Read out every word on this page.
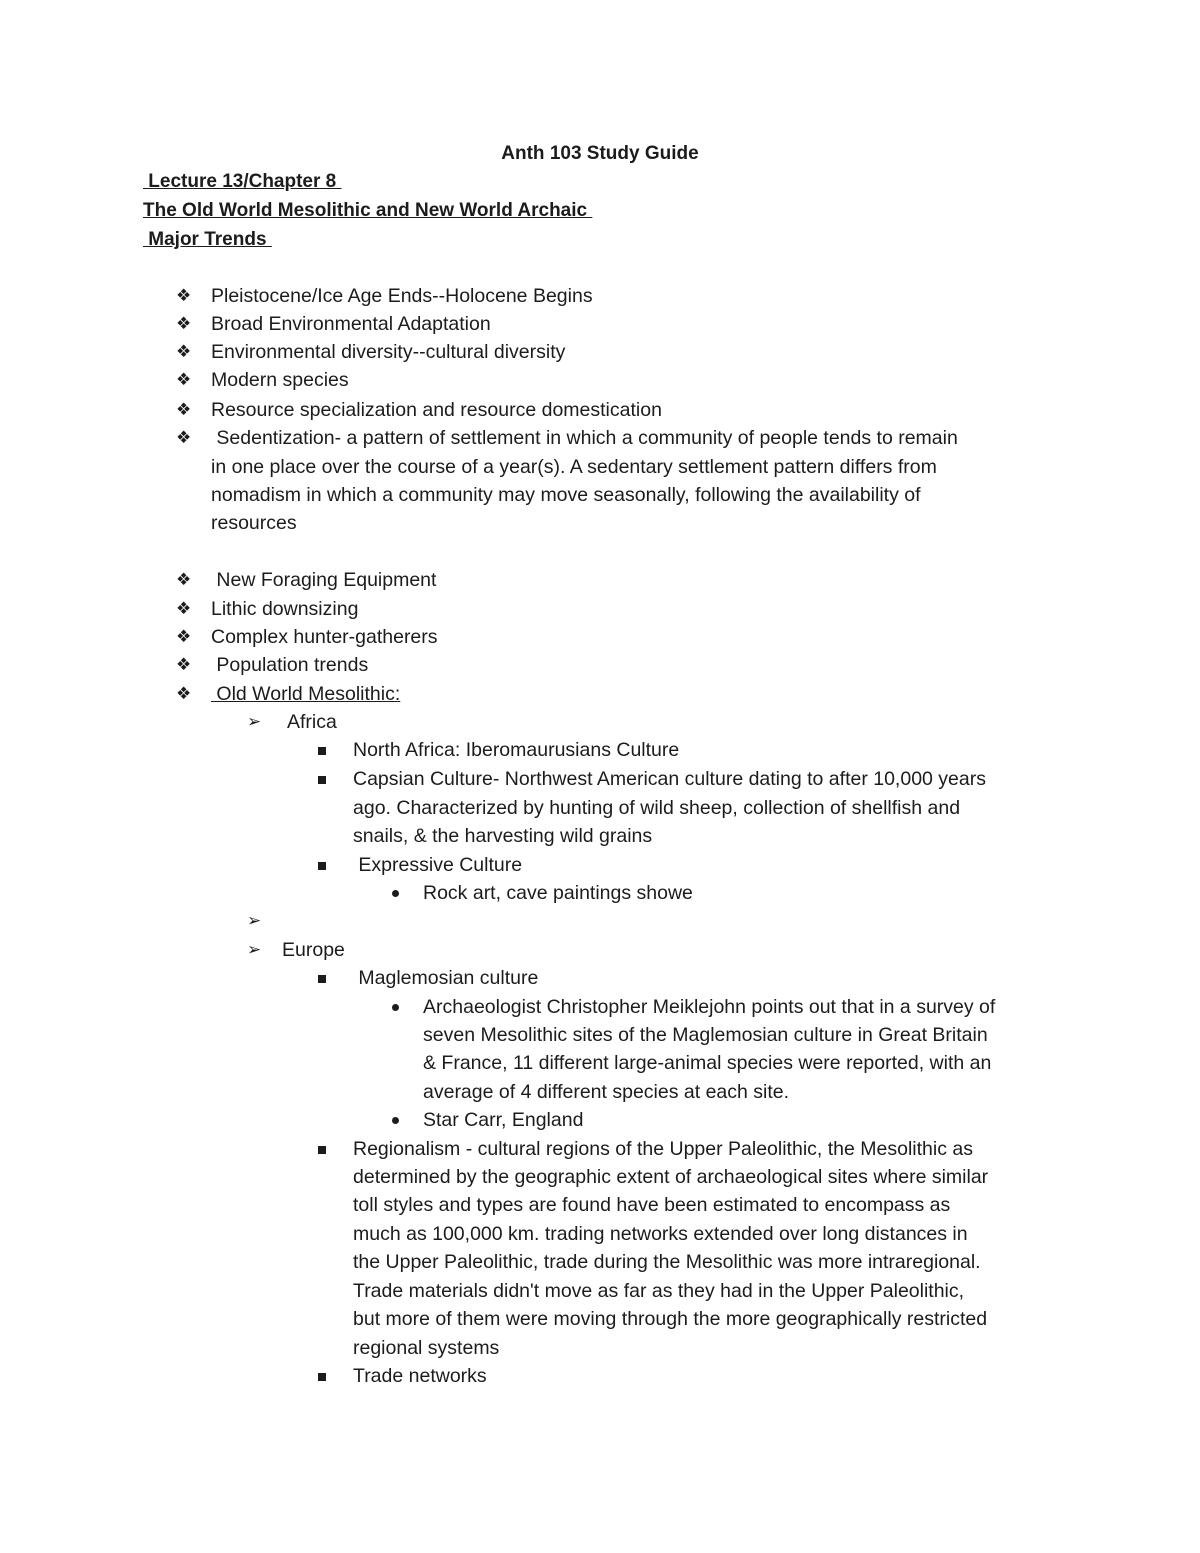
Anth 103 Study Guide
Lecture 13/Chapter 8
The Old World Mesolithic and New World Archaic
Major Trends
❖ Pleistocene/Ice Age Ends--Holocene Begins
❖ Broad Environmental Adaptation
❖ Environmental diversity--cultural diversity
❖ Modern species
❖ Resource specialization and resource domestication
❖ Sedentization- a pattern of settlement in which a community of people tends to remain
in one place over the course of a year(s). A sedentary settlement pattern differs from
nomadism in which a community may move seasonally, following the availability of
resources
❖ New Foraging Equipment
❖ Lithic downsizing
❖ Complex hunter-gatherers
❖ Population trends
❖ Old World Mesolithic:
➢ Africa
North Africa: Iberomaurusians Culture
Capsian Culture- Northwest American culture dating to after 10,000 years
ago. Characterized by hunting of wild sheep, collection of shellfish and
snails, & the harvesting wild grains
Expressive Culture
Rock art, cave paintings showe
➢
➢ Europe
Maglemosian culture
Archaeologist Christopher Meiklejohn points out that in a survey of
seven Mesolithic sites of the Maglemosian culture in Great Britain
& France, 11 different large-animal species were reported, with an
average of 4 different species at each site.
Star Carr, England
Regionalism - cultural regions of the Upper Paleolithic, the Mesolithic as
determined by the geographic extent of archaeological sites where similar
toll styles and types are found have been estimated to encompass as
much as 100,000 km. trading networks extended over long distances in
the Upper Paleolithic, trade during the Mesolithic was more intraregional.
Trade materials didn't move as far as they had in the Upper Paleolithic,
but more of them were moving through the more geographically restricted
regional systems
Trade networks
